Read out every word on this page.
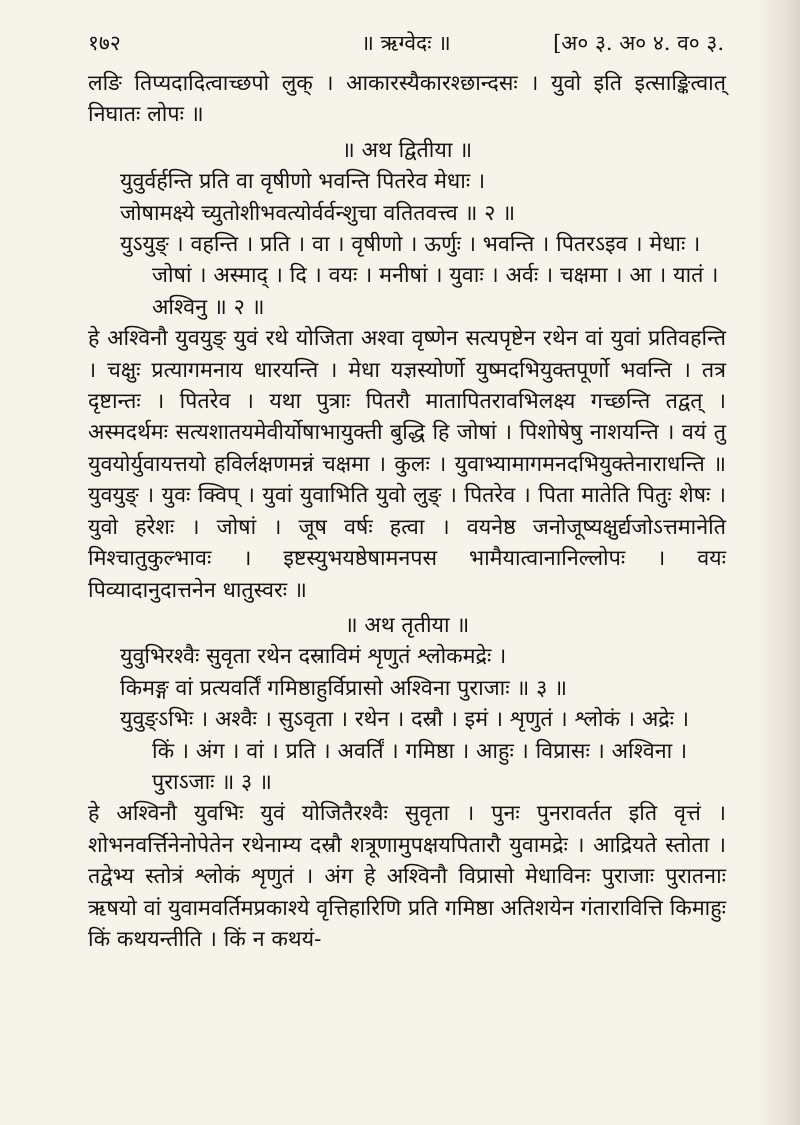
॥ ऋग्वेदः ॥
१७२	[अ० ३. अ० ४. व० ३.

लङि तिप्यदादित्वाच्छपो लुक् । आकारस्यैकारश्छान्दसः । युवो इति इत्साङ्कित्वात् निघातः लोपः ॥

॥ अथ द्वितीया ॥

युवुर्वर्हन्ति प्रति वा वृषीणो भवन्ति पितरेव मेधाः ।

जोषामक्ष्ये च्युतोशीभवत्योर्वर्वन्शुचा वतितवत्त्व ॥ २ ॥

युऽयुङ् । वहन्ति । प्रति । वा । वृषीणो । ऊर्णुः । भवन्ति । पितरऽइव । मेधाः ।

जोषां । अस्माद् । दि । वयः । मनीषां । युवाः । अर्वः । चक्षमा । आ । यातं । अश्विनु ॥ २ ॥

हे अश्विनौ युवयुङ् युवं रथे योजिता अश्वा वृष्णेन सत्यपृष्टेन रथेन वां युवां प्रतिवहन्ति । चक्षुः प्रत्यागमनाय धारयन्ति । मेधा यज्ञस्योर्णो युष्मदभियुक्तपूर्णो भवन्ति । तत्र दृष्टान्तः । पितरेव । यथा पुत्राः पितरौ मातापितरावभिलक्ष्य गच्छन्ति तद्वत् । अस्मदर्थमः सत्यशातयमेवीर्योषाभायुक्ती बुद्धि हि जोषां । पिशोषेषु नाशयन्ति । वयं तु युवयोर्युवायत्तयो हविर्लक्षणमन्नं चक्षमा । कुलः । युवाभ्यामागमनदभियुक्तेनाराधन्ति ॥ युवयुङ् । युवः क्विप् । युवां युवाभिति युवो लुङ् । पितरेव । पिता मातेति पितुः शेषः । युवो हरेशः । जोषां । जूष वर्षः हत्वा । वयनेष्ठ जनोजूष्यक्षुर्द्यजोऽत्तमानेति मिश्चातुकुल्भावः । इष्टस्युभयष्ठेषामनपस भामैयात्वानानिल्लोपः । वयः पिव्यादानुदात्तनेन धातुस्वरः ॥

॥ अथ तृतीया ॥

युवुभिरश्वैः सुवृता रथेन दस्राविमं शृणुतं श्लोकमद्रेः ।

किमङ्ग वां प्रत्यवर्तिं गमिष्ठाहुर्विप्रासो अश्विना पुराजाः ॥ ३ ॥

युवुङ्ऽभिः । अश्वैः । सुऽवृता । रथेन । दस्रौ । इमं । शृणुतं । श्लोकं । अद्रेः ।

किं । अंग । वां । प्रति । अवर्तिं । गमिष्ठा । आहुः । विप्रासः । अश्विना । पुराऽजाः ॥ ३ ॥

हे अश्विनौ युवभिः युवं योजितैरश्वैः सुवृता । पुनः पुनरावर्तत इति वृत्तं । शोभनवर्त्तिनेनोपेतेन रथेनाम्य दस्रौ शत्रूणामुपक्षयपितारौ युवामद्रेः । आद्रियते स्तोता । तद्वेभ्य स्तोत्रं श्लोकं शृणुतं । अंग हे अश्विनौ विप्रासो मेधाविनः पुराजाः पुरातनाः ऋषयो वां युवामवर्तिमप्रकाश्ये वृत्तिहारिणि प्रति गमिष्ठा अतिशयेन गंतारावित्ति किमाहुः किं कथयन्तीति । किं न कथयं-
